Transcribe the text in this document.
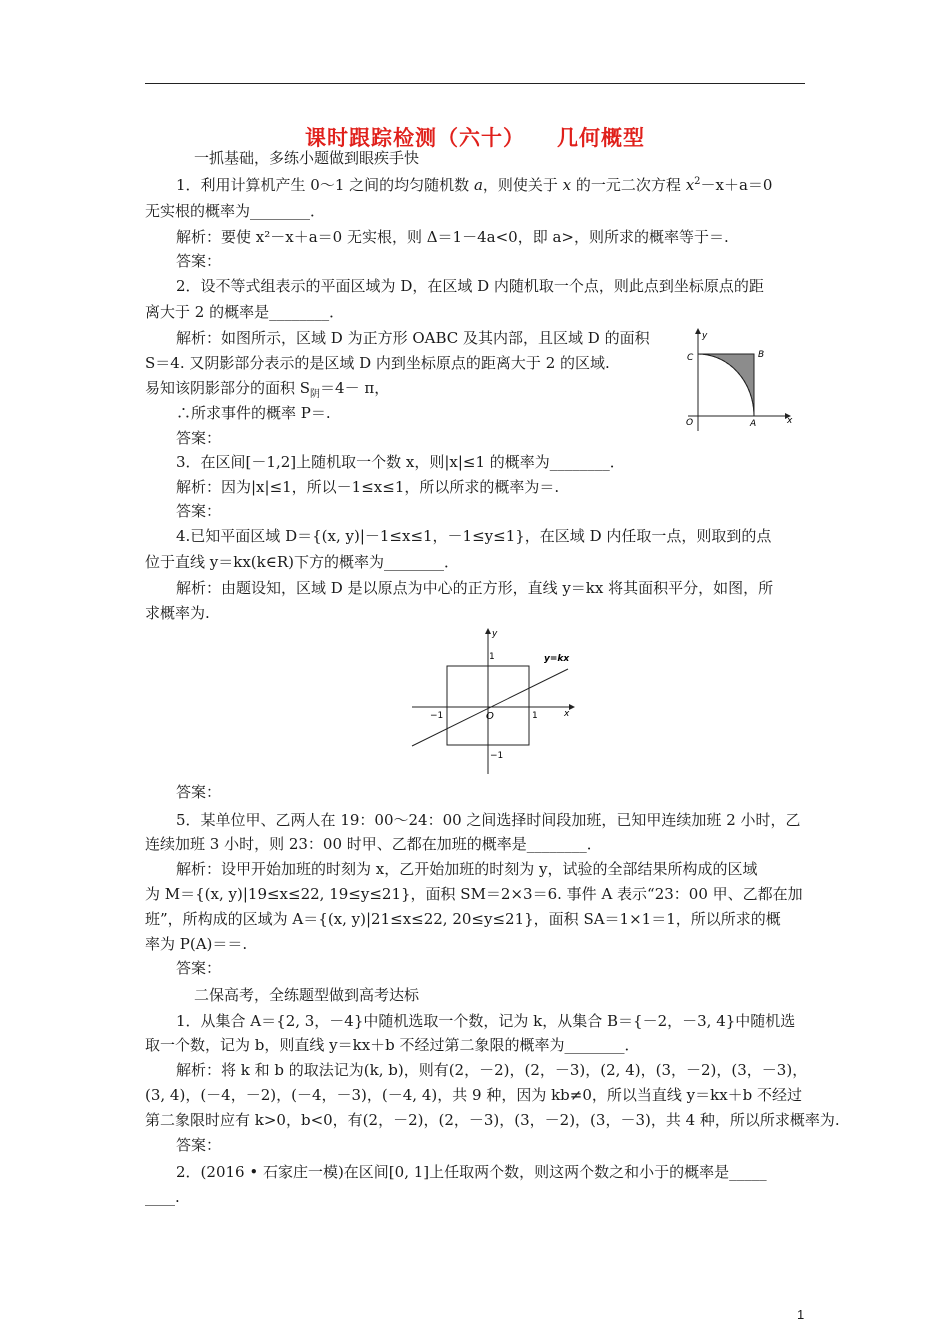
课时跟踪检测（六十） 几何概型
一抓基础，多练小题做到眼疾手快
1．利用计算机产生 0～1 之间的均匀随机数 a，则使关于 x 的一元二次方程 $x^2-x+a=0$
无实根的概率为________．
解析：要使 x²－x＋a＝0 无实根，则 Δ＝1－4a<0，即 a>，则所求的概率等于＝.
答案：
2．设不等式组表示的平面区域为 D，在区域 D 内随机取一个点，则此点到坐标原点的距
离大于 2 的概率是________．
解析：如图所示，区域 D 为正方形 OABC 及其内部，且区域 D 的面积
S＝4. 又阴影部分表示的是区域 D 内到坐标原点的距离大于 2 的区域.
易知该阴影部分的面积 $S_阴=4- \pi$，
∴所求事件的概率 P＝.
答案：
y
x
O	A
B
C
3．在区间[－1,2]上随机取一个数 x，则|x|≤1 的概率为________．
解析：因为|x|≤1，所以－1≤x≤1，所以所求的概率为＝.
答案：
4.已知平面区域 D＝{(x, y)|－1≤x≤1，－1≤y≤1}，在区域 D 内任取一点，则取到的点
位于直线 y＝kx(k∈R)下方的概率为________．
解析：由题设知，区域 D 是以原点为中心的正方形，直线 y＝kx 将其面积平分，如图，所
求概率为.
y
x
O
y=kx
1
−1
1
−1
答案：
5．某单位甲、乙两人在 19：00～24：00 之间选择时间段加班，已知甲连续加班 2 小时，乙
连续加班 3 小时，则 23：00 时甲、乙都在加班的概率是________．
解析：设甲开始加班的时刻为 x，乙开始加班的时刻为 y，试验的全部结果所构成的区域
为 M＝{(x, y)|19≤x≤22, 19≤y≤21}，面积 SM＝2×3＝6. 事件 A 表示“23：00 甲、乙都在加
班”，所构成的区域为 A＝{(x, y)|21≤x≤22, 20≤y≤21}，面积 SA＝1×1＝1，所以所求的概
率为 P(A)＝＝.
答案：
二保高考，全练题型做到高考达标
1．从集合 A＝{2, 3，－4}中随机选取一个数，记为 k，从集合 B＝{－2，－3, 4}中随机选
取一个数，记为 b，则直线 y＝kx＋b 不经过第二象限的概率为________．
解析：将 k 和 b 的取法记为(k, b)，则有(2，－2)，(2，－3)，(2, 4)，(3，－2)，(3，－3)，
(3, 4)，(－4，－2)，(－4，－3)，(－4, 4)，共 9 种，因为 kb≠0，所以当直线 y＝kx＋b 不经过
第二象限时应有 k>0，b<0，有(2，－2)，(2，－3)，(3，－2)，(3，－3)，共 4 种，所以所求概率为.
答案：
2．(2016 • 石家庄一模)在区间[0, 1]上任取两个数，则这两个数之和小于的概率是_____
____.
1
